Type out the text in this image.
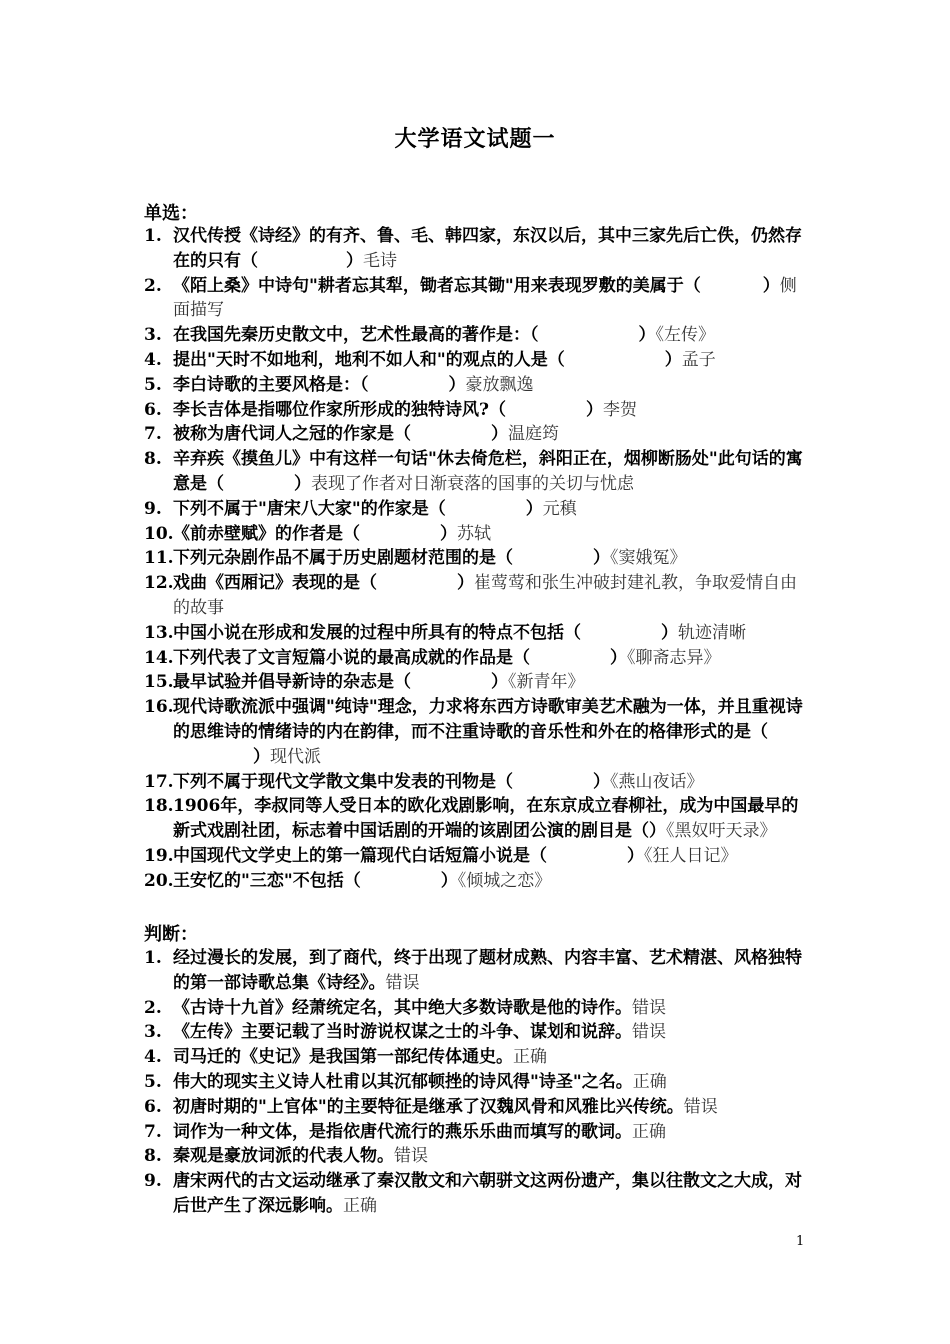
大学语文试题一
单选：
1. 汉代传授《诗经》的有齐、鲁、毛、韩四家，东汉以后，其中三家先后亡佚，仍然存在的只有（	）毛诗
2. 《陌上桑》中诗句"耕者忘其犁，锄者忘其锄"用来表现罗敷的美属于（	）侧面描写
3. 在我国先秦历史散文中，艺术性最高的著作是：（	）《左传》
4. 提出"天时不如地利，地利不如人和"的观点的人是（	）孟子
5. 李白诗歌的主要风格是：（	）豪放飘逸
6. 李长吉体是指哪位作家所形成的独特诗风?（	）李贺
7. 被称为唐代词人之冠的作家是（	）温庭筠
8. 辛弃疾《摸鱼儿》中有这样一句话"休去倚危栏，斜阳正在，烟柳断肠处"此句话的寓意是（	）表现了作者对日渐衰落的国事的关切与忧虑
9. 下列不属于"唐宋八大家"的作家是（	）元稹
10. 《前赤壁赋》的作者是（	）苏轼
11. 下列元杂剧作品不属于历史剧题材范围的是（	）《窦娥冤》
12. 戏曲《西厢记》表现的是（	）崔莺莺和张生冲破封建礼教，争取爱情自由的故事
13. 中国小说在形成和发展的过程中所具有的特点不包括（	）轨迹清晰
14. 下列代表了文言短篇小说的最高成就的作品是（	）《聊斋志异》
15. 最早试验并倡导新诗的杂志是（	）《新青年》
16. 现代诗歌流派中强调"纯诗"理念，力求将东西方诗歌审美艺术融为一体，并且重视诗的思维诗的情绪诗的内在韵律，而不注重诗歌的音乐性和外在的格律形式的是（）现代派
17. 下列不属于现代文学散文集中发表的刊物是（	）《燕山夜话》
18. 1906年，李叔同等人受日本的欧化戏剧影响，在东京成立春柳社，成为中国最早的新式戏剧社团，标志着中国话剧的开端的该剧团公演的剧目是（）《黑奴吁天录》
19. 中国现代文学史上的第一篇现代白话短篇小说是（	）《狂人日记》
20. 王安忆的"三恋"不包括（	）《倾城之恋》
判断：
1. 经过漫长的发展，到了商代，终于出现了题材成熟、内容丰富、艺术精湛、风格独特的第一部诗歌总集《诗经》。错误
2. 《古诗十九首》经萧统定名，其中绝大多数诗歌是他的诗作。错误
3. 《左传》主要记载了当时游说权谋之士的斗争、谋划和说辞。错误
4. 司马迁的《史记》是我国第一部纪传体通史。正确
5. 伟大的现实主义诗人杜甫以其沉郁顿挫的诗风得"诗圣"之名。正确
6. 初唐时期的"上官体"的主要特征是继承了汉魏风骨和风雅比兴传统。错误
7. 词作为一种文体，是指依唐代流行的燕乐乐曲而填写的歌词。正确
8. 秦观是豪放词派的代表人物。错误
9. 唐宋两代的古文运动继承了秦汉散文和六朝骈文这两份遗产，集以往散文之大成，对后世产生了深远影响。正确
1
